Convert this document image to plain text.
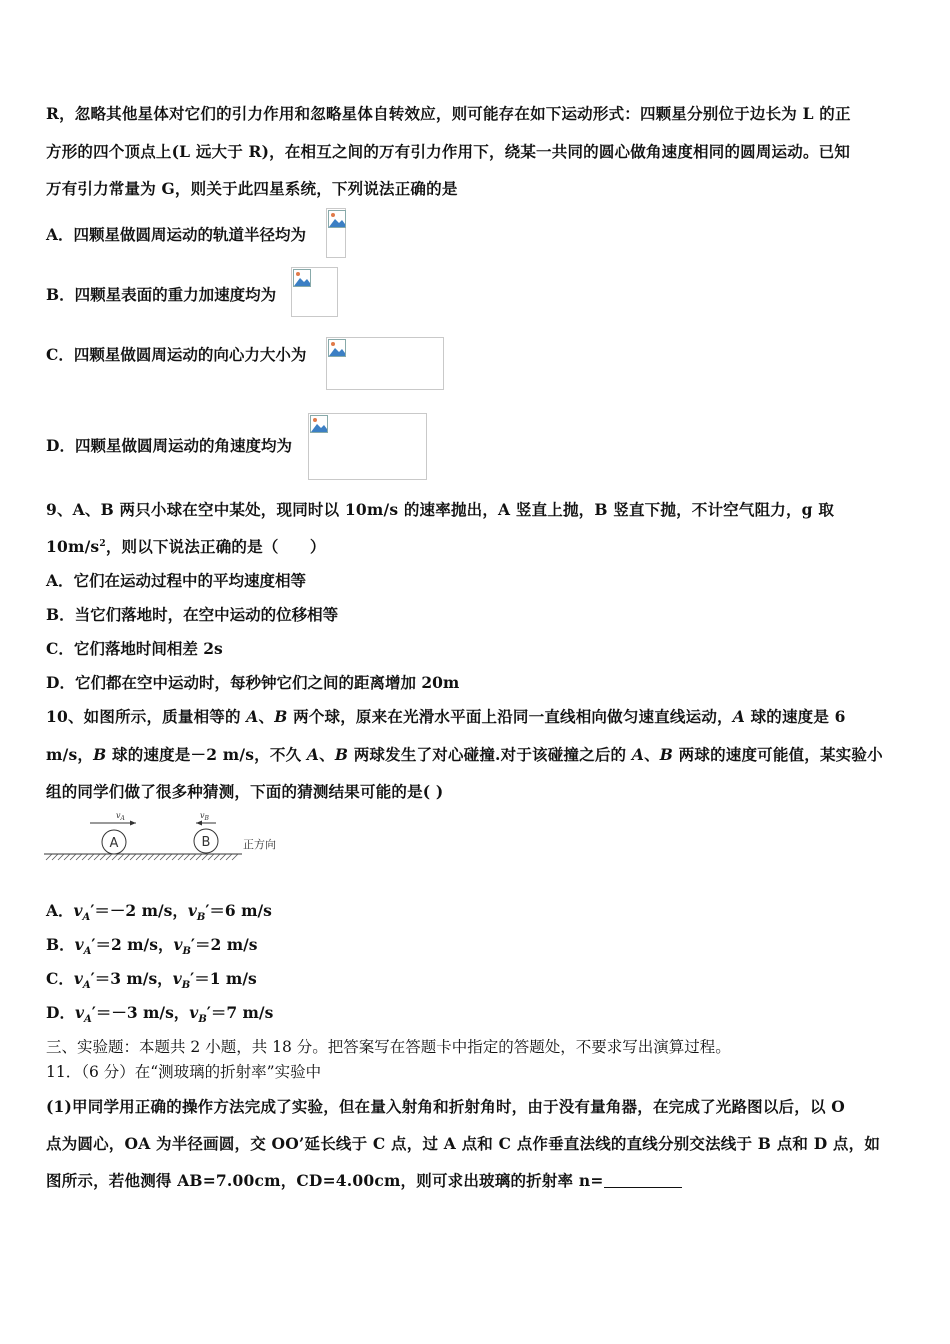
R，忽略其他星体对它们的引力作用和忽略星体自转效应，则可能存在如下运动形式：四颗星分别位于边长为 L 的正
方形的四个顶点上(L 远大于 R)，在相互之间的万有引力作用下，绕某一共同的圆心做角速度相同的圆周运动。已知
万有引力常量为 G，则关于此四星系统，下列说法正确的是
A．四颗星做圆周运动的轨道半径均为
B．四颗星表面的重力加速度均为
C．四颗星做圆周运动的向心力大小为
D．四颗星做圆周运动的角速度均为
9、A、B 两只小球在空中某处，现同时以 10m/s 的速率抛出，A 竖直上抛，B 竖直下抛，不计空气阻力，g 取
$10m/s^2$，则以下说法正确的是（　　）
A．它们在运动过程中的平均速度相等
B．当它们落地时，在空中运动的位移相等
C．它们落地时间相差 2s
D．它们都在空中运动时，每秒钟它们之间的距离增加 20m
10、如图所示，质量相等的 A、B 两个球，原来在光滑水平面上沿同一直线相向做匀速直线运动，A 球的速度是 6
m/s，B 球的速度是－2 m/s，不久 A、B 两球发生了对心碰撞.对于该碰撞之后的 A、B 两球的速度可能值，某实验小
组的同学们做了很多种猜测，下面的猜测结果可能的是( )
$v_A$	$v_B$
A	B	正方向
A．$v_A'=-2$ m/s，$v_B'=6$ m/s
B．$v_A'=2$ m/s，$v_B'=2$ m/s
C．$v_A'=3$ m/s，$v_B'=1$ m/s
D．$v_A'=-3$ m/s，$v_B'=7$ m/s
三、实验题：本题共 2 小题，共 18 分。把答案写在答题卡中指定的答题处，不要求写出演算过程。
11．（6 分）在“测玻璃的折射率”实验中
(1)甲同学用正确的操作方法完成了实验，但在量入射角和折射角时，由于没有量角器，在完成了光路图以后，以 O
点为圆心，OA 为半径画圆，交 OO’延长线于 C 点，过 A 点和 C 点作垂直法线的直线分别交法线于 B 点和 D 点，如
图所示，若他测得 AB=7.00cm，CD=4.00cm，则可求出玻璃的折射率 n=
